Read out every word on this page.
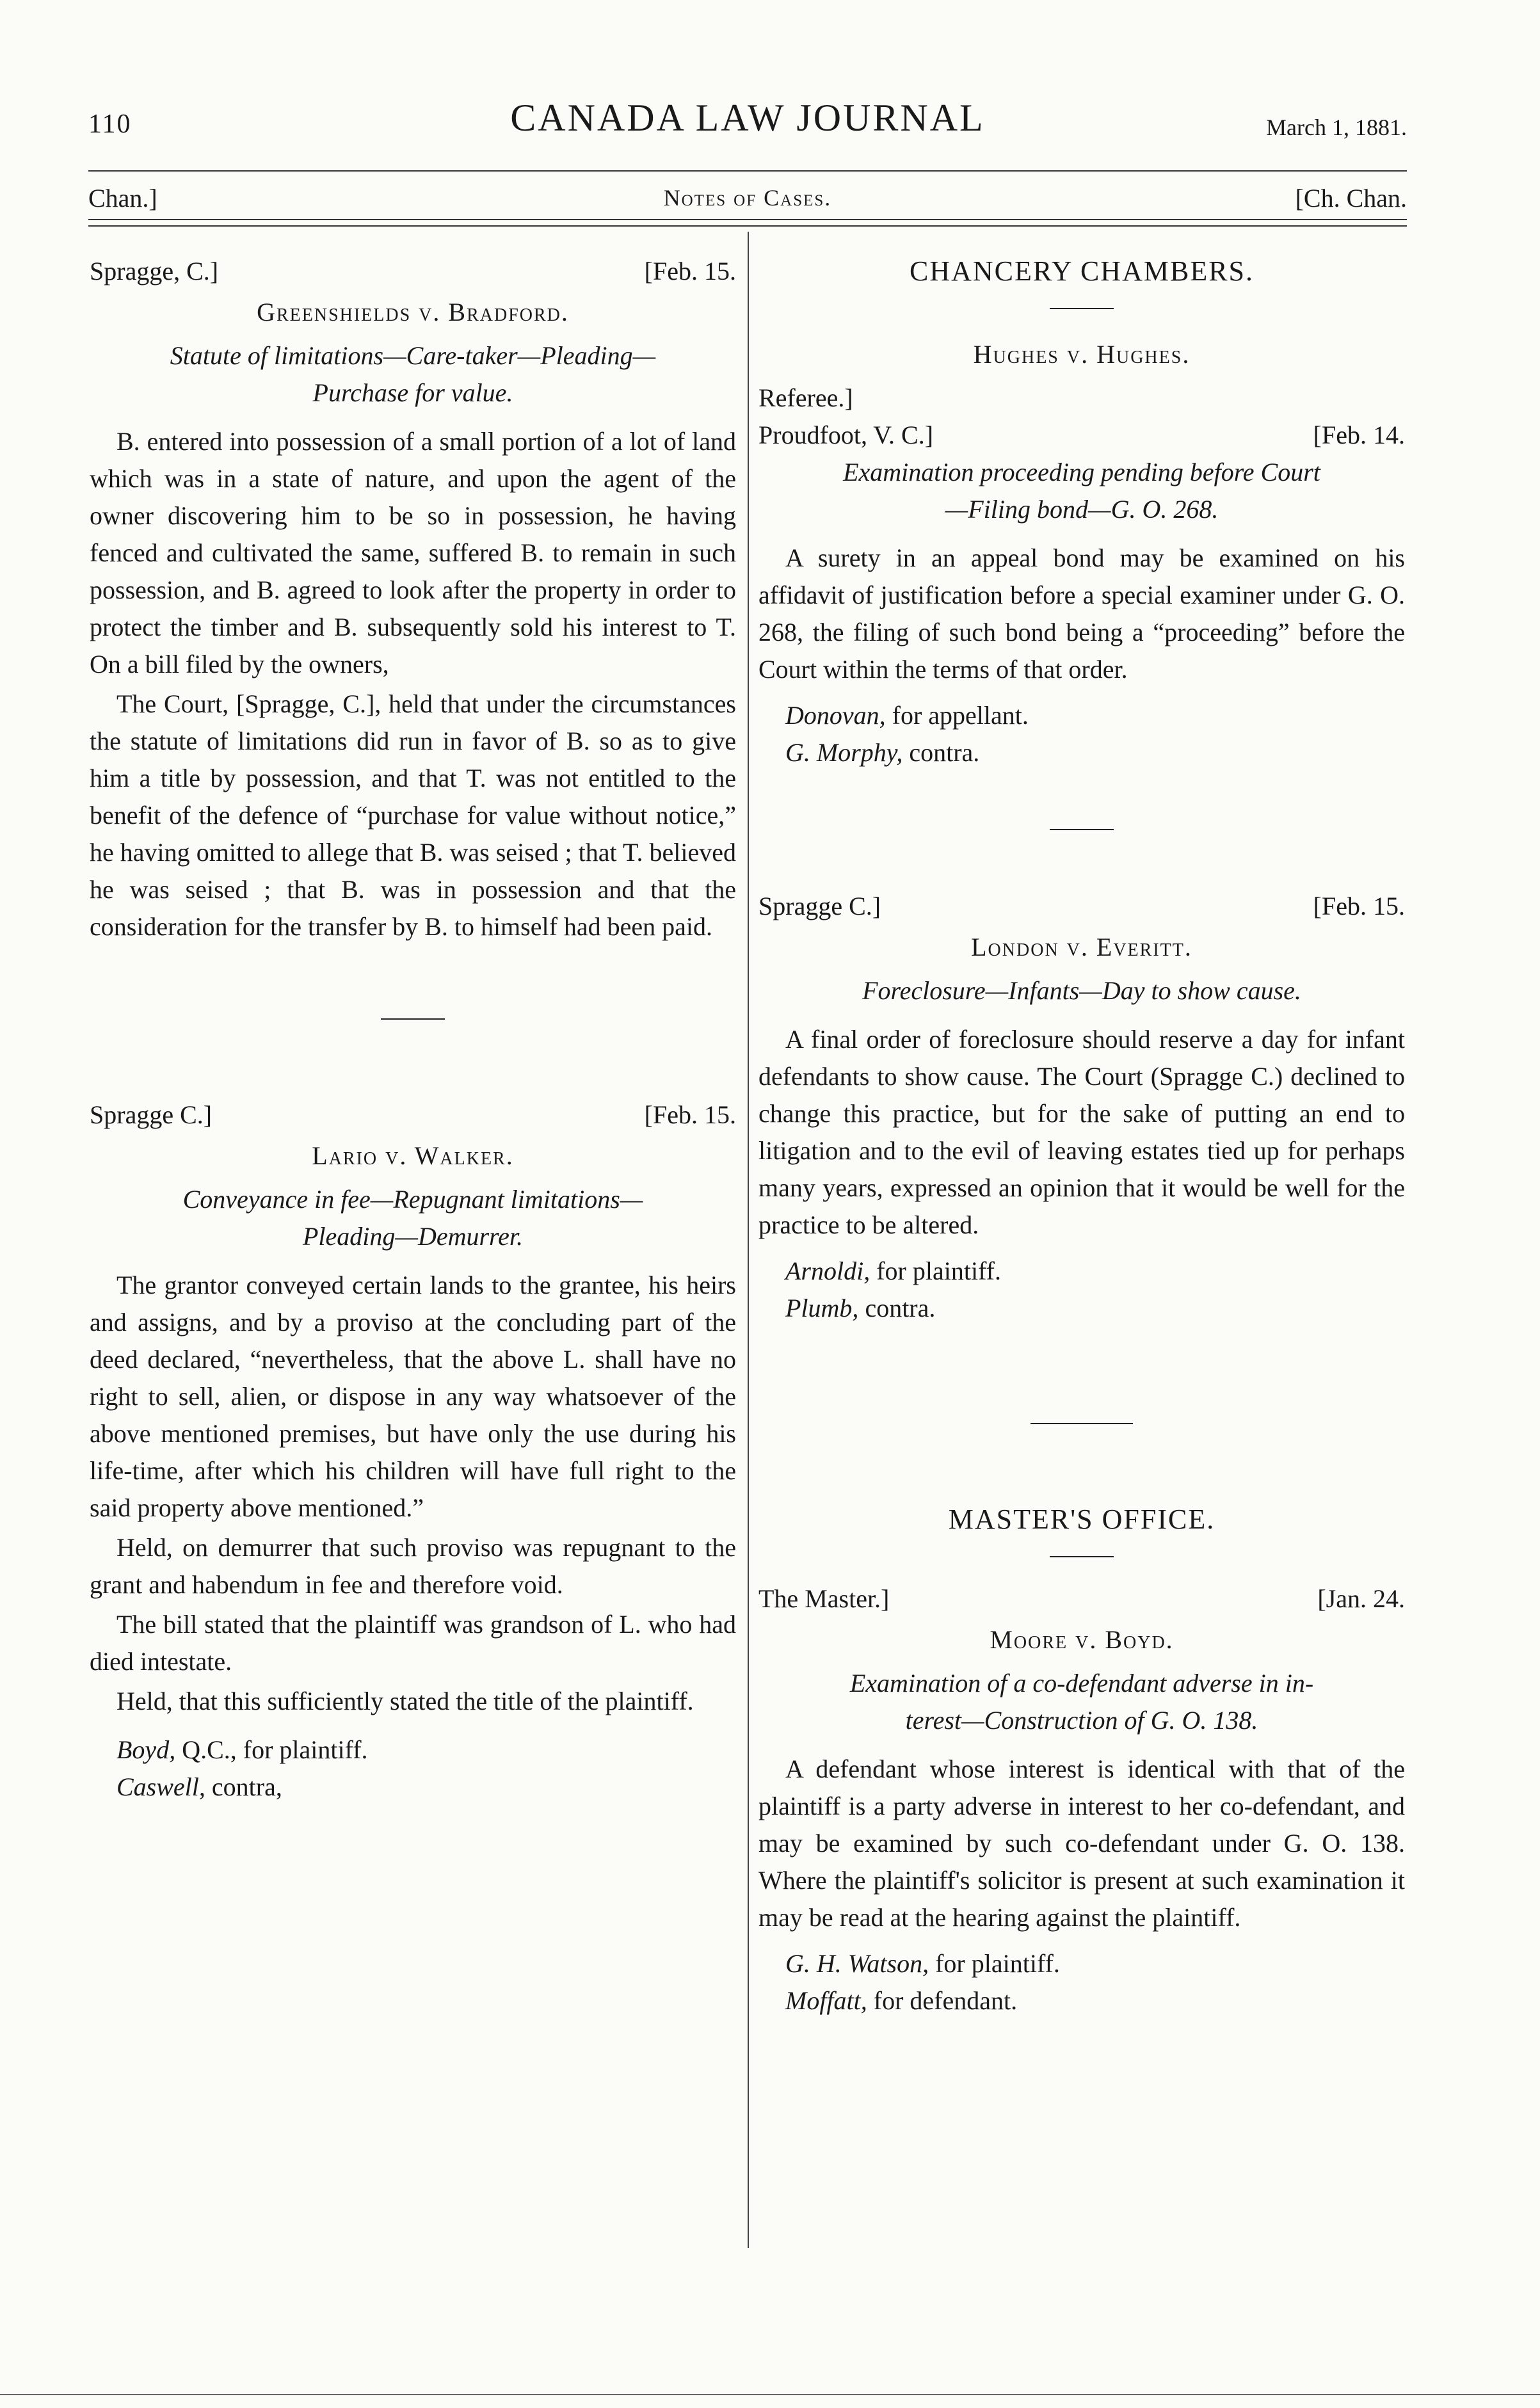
110	CANADA LAW JOURNAL	March 1, 1881.
Chan.]	Notes of Cases.	[Ch. Chan.
Spragge, C.]	[Feb. 15.
Greenshields v. Bradford.
Statute of limitations—Care-taker—Pleading—
Purchase for value.

B. entered into possession of a small portion of a lot of land which was in a state of nature, and upon the agent of the owner discovering him to be so in possession, he having fenced and cultivated the same, suffered B. to remain in such possession, and B. agreed to look after the property in order to protect the timber and B. subsequently sold his interest to T. On a bill filed by the owners,

The Court, [Spragge, C.], held that under the circumstances the statute of limitations did run in favor of B. so as to give him a title by possession, and that T. was not entitled to the benefit of the defence of “purchase for value without notice,” he having omitted to allege that B. was seised ; that T. believed he was seised ; that B. was in possession and that the consideration for the transfer by B. to himself had been paid.

Spragge C.]	[Feb. 15.
Lario v. Walker.
Conveyance in fee—Repugnant limitations—
Pleading—Demurrer.

The grantor conveyed certain lands to the grantee, his heirs and assigns, and by a proviso at the concluding part of the deed declared, “nevertheless, that the above L. shall have no right to sell, alien, or dispose in any way whatsoever of the above mentioned premises, but have only the use during his life-time, after which his children will have full right to the said property above mentioned.”

Held, on demurrer that such proviso was repugnant to the grant and habendum in fee and therefore void.

The bill stated that the plaintiff was grandson of L. who had died intestate.

Held, that this sufficiently stated the title of the plaintiff.

Boyd, Q.C., for plaintiff.

Caswell, contra,

CHANCERY CHAMBERS.
Hughes v. Hughes.
Referee.]
Proudfoot, V. C.]	[Feb. 14.
Examination proceeding pending before Court
—Filing bond—G. O. 268.

A surety in an appeal bond may be examined on his affidavit of justification before a special examiner under G. O. 268, the filing of such bond being a “proceeding” before the Court within the terms of that order.

Donovan, for appellant.

G. Morphy, contra.

Spragge C.]	[Feb. 15.
London v. Everitt.
Foreclosure—Infants—Day to show cause.

A final order of foreclosure should reserve a day for infant defendants to show cause. The Court (Spragge C.) declined to change this practice, but for the sake of putting an end to litigation and to the evil of leaving estates tied up for perhaps many years, expressed an opinion that it would be well for the practice to be altered.

Arnoldi, for plaintiff.

Plumb, contra.

MASTER'S OFFICE.
The Master.]	[Jan. 24.
Moore v. Boyd.
Examination of a co-defendant adverse in in-
terest—Construction of G. O. 138.

A defendant whose interest is identical with that of the plaintiff is a party adverse in interest to her co-defendant, and may be examined by such co-defendant under G. O. 138. Where the plaintiff's solicitor is present at such examination it may be read at the hearing against the plaintiff.

G. H. Watson, for plaintiff.

Moffatt, for defendant.
